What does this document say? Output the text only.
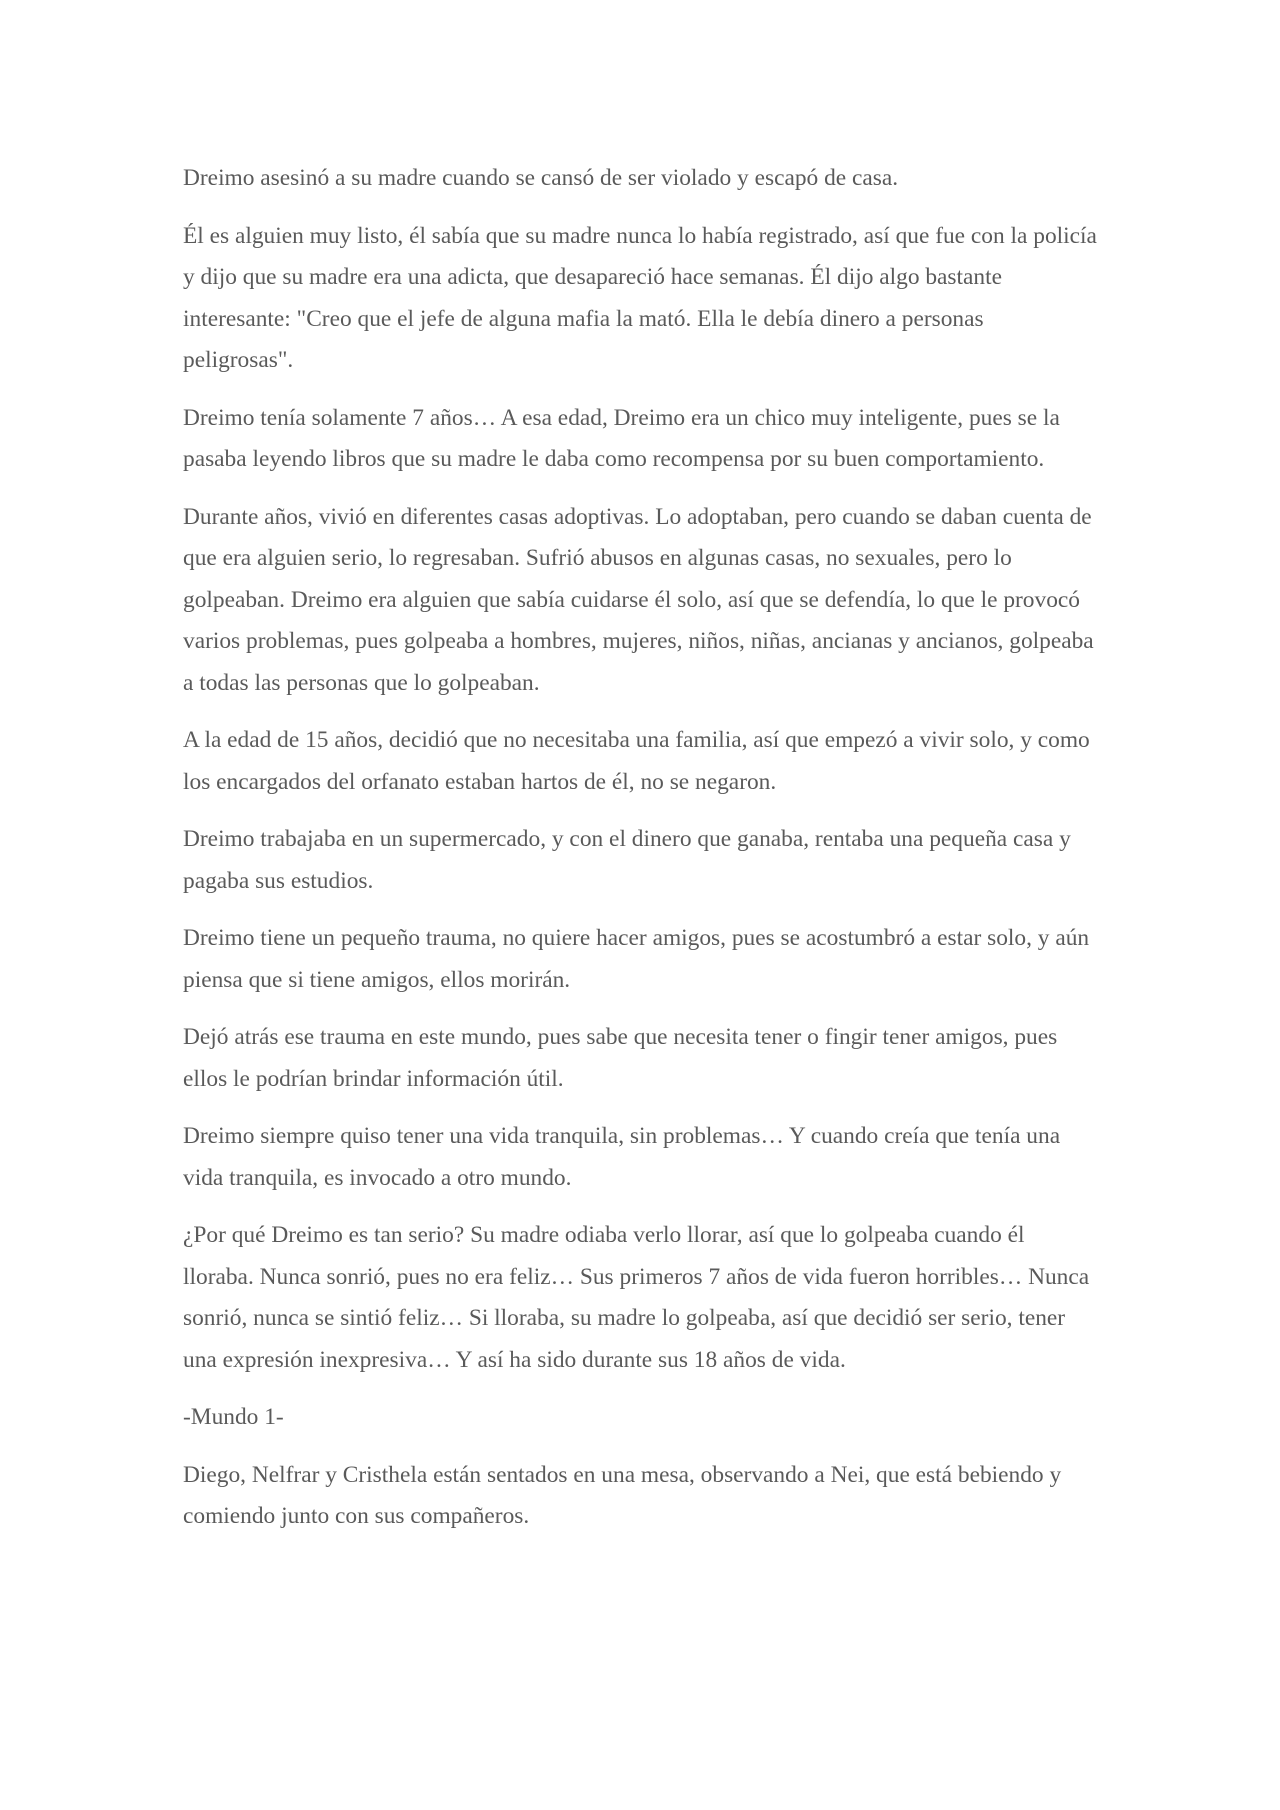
Dreimo asesinó a su madre cuando se cansó de ser violado y escapó de casa.

Él es alguien muy listo, él sabía que su madre nunca lo había registrado, así que fue con la policía y dijo que su madre era una adicta, que desapareció hace semanas. Él dijo algo bastante interesante: "Creo que el jefe de alguna mafia la mató. Ella le debía dinero a personas peligrosas".

Dreimo tenía solamente 7 años… A esa edad, Dreimo era un chico muy inteligente, pues se la pasaba leyendo libros que su madre le daba como recompensa por su buen comportamiento.

Durante años, vivió en diferentes casas adoptivas. Lo adoptaban, pero cuando se daban cuenta de que era alguien serio, lo regresaban. Sufrió abusos en algunas casas, no sexuales, pero lo golpeaban. Dreimo era alguien que sabía cuidarse él solo, así que se defendía, lo que le provocó varios problemas, pues golpeaba a hombres, mujeres, niños, niñas, ancianas y ancianos, golpeaba a todas las personas que lo golpeaban.

A la edad de 15 años, decidió que no necesitaba una familia, así que empezó a vivir solo, y como los encargados del orfanato estaban hartos de él, no se negaron.

Dreimo trabajaba en un supermercado, y con el dinero que ganaba, rentaba una pequeña casa y pagaba sus estudios.

Dreimo tiene un pequeño trauma, no quiere hacer amigos, pues se acostumbró a estar solo, y aún piensa que si tiene amigos, ellos morirán.

Dejó atrás ese trauma en este mundo, pues sabe que necesita tener o fingir tener amigos, pues ellos le podrían brindar información útil.

Dreimo siempre quiso tener una vida tranquila, sin problemas… Y cuando creía que tenía una vida tranquila, es invocado a otro mundo.

¿Por qué Dreimo es tan serio? Su madre odiaba verlo llorar, así que lo golpeaba cuando él lloraba. Nunca sonrió, pues no era feliz… Sus primeros 7 años de vida fueron horribles… Nunca sonrió, nunca se sintió feliz… Si lloraba, su madre lo golpeaba, así que decidió ser serio, tener una expresión inexpresiva… Y así ha sido durante sus 18 años de vida.

-Mundo 1-

Diego, Nelfrar y Cristhela están sentados en una mesa, observando a Nei, que está bebiendo y comiendo junto con sus compañeros.
